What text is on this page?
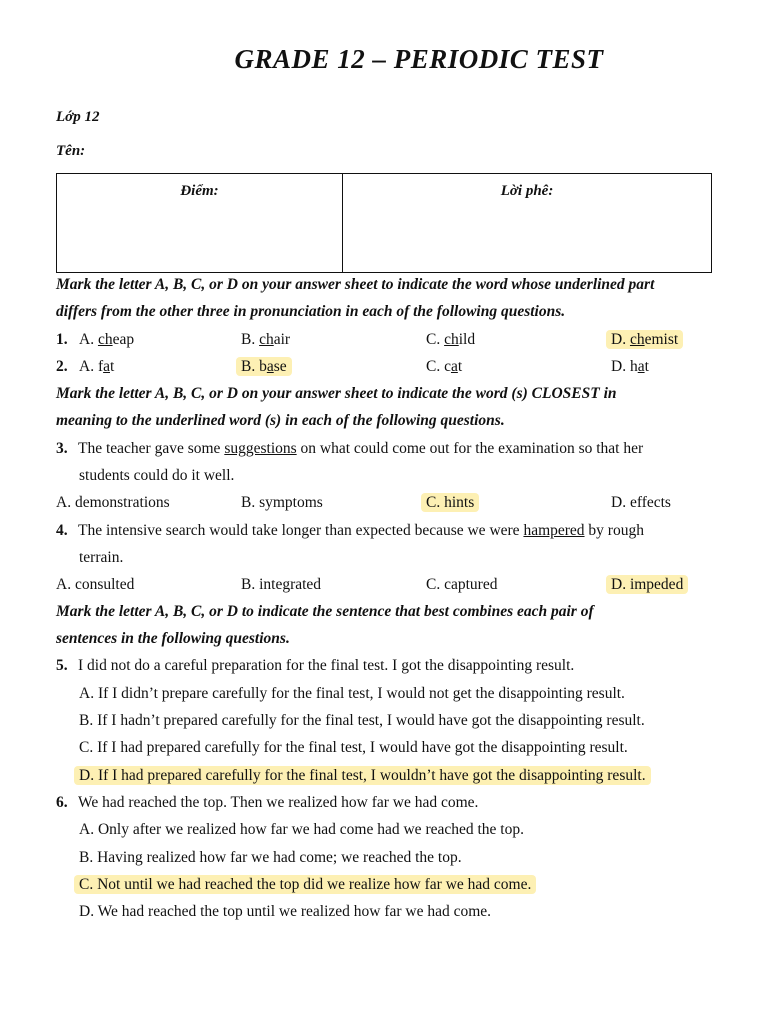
GRADE 12 – PERIODIC TEST
Lớp 12
Tên:
Điểm:	Lời phê:
Mark the letter A, B, C, or D on your answer sheet to indicate the word whose underlined part
differs from the other three in pronunciation in each of the following questions.
1. A. cheap	B. chair	C. child	D. chemist
2. A. fat	B. base	C. cat	D. hat
Mark the letter A, B, C, or D on your answer sheet to indicate the word (s) CLOSEST in
meaning to the underlined word (s) in each of the following questions.
3. The teacher gave some suggestions on what could come out for the examination so that her
students could do it well.
A. demonstrations	B. symptoms	C. hints	D. effects
4. The intensive search would take longer than expected because we were hampered by rough
terrain.
A. consulted	B. integrated	C. captured	D. impeded
Mark the letter A, B, C, or D to indicate the sentence that best combines each pair of
sentences in the following questions.
5. I did not do a careful preparation for the final test. I got the disappointing result.
A. If I didn’t prepare carefully for the final test, I would not get the disappointing result.
B. If I hadn’t prepared carefully for the final test, I would have got the disappointing result.
C. If I had prepared carefully for the final test, I would have got the disappointing result.
D. If I had prepared carefully for the final test, I wouldn’t have got the disappointing result.
6. We had reached the top. Then we realized how far we had come.
A. Only after we realized how far we had come had we reached the top.
B. Having realized how far we had come; we reached the top.
C. Not until we had reached the top did we realize how far we had come.
D. We had reached the top until we realized how far we had come.
